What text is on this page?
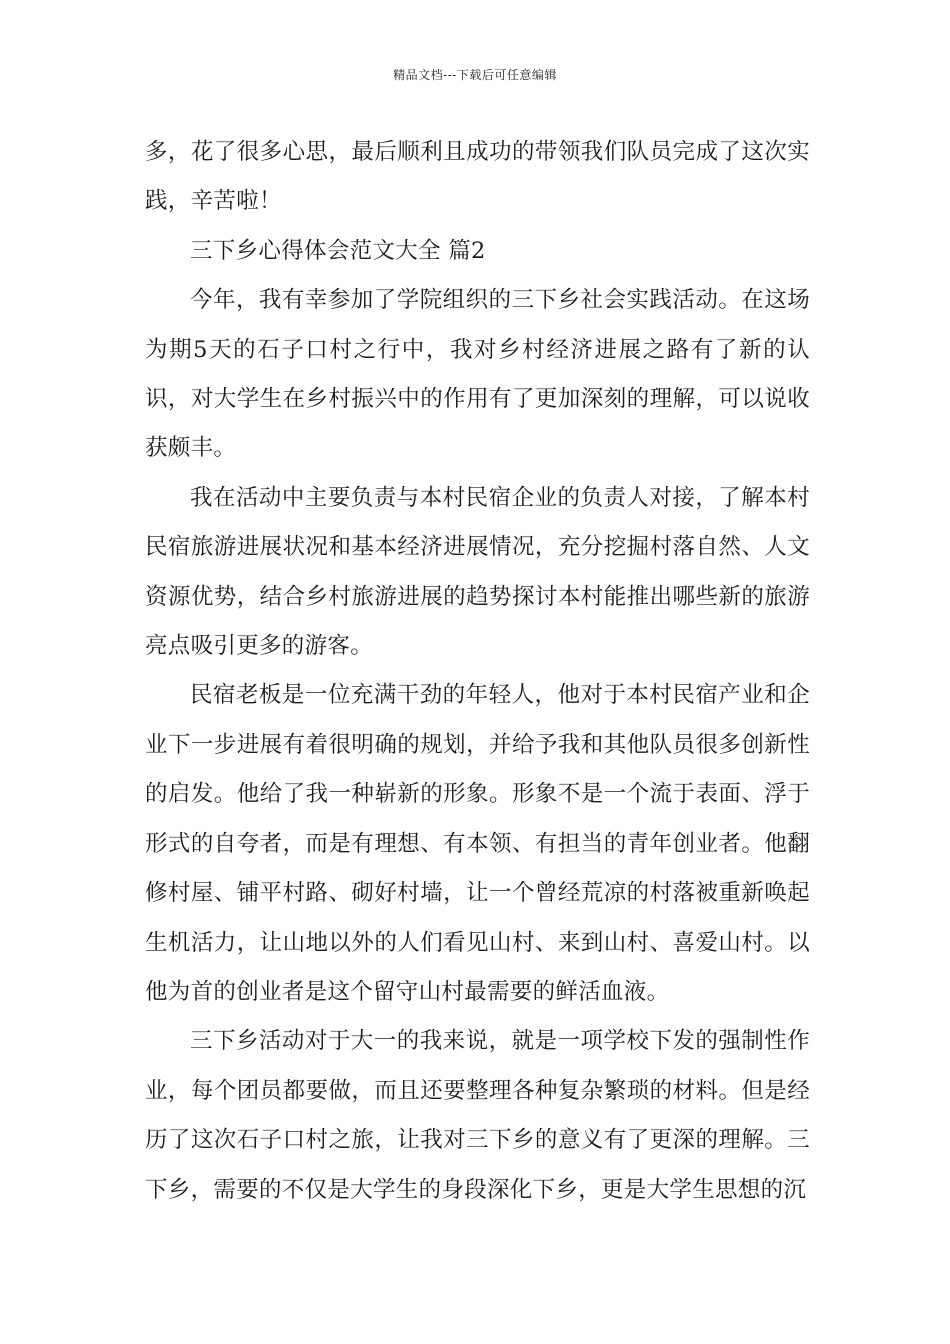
精品文档---下载后可任意编辑

多，花了很多心思，最后顺利且成功的带领我们队员完成了这次实践，辛苦啦！

三下乡心得体会范文大全 篇2

今年，我有幸参加了学院组织的三下乡社会实践活动。在这场为期5天的石子口村之行中，我对乡村经济进展之路有了新的认识，对大学生在乡村振兴中的作用有了更加深刻的理解，可以说收获颇丰。

我在活动中主要负责与本村民宿企业的负责人对接，了解本村民宿旅游进展状况和基本经济进展情况，充分挖掘村落自然、人文资源优势，结合乡村旅游进展的趋势探讨本村能推出哪些新的旅游亮点吸引更多的游客。

民宿老板是一位充满干劲的年轻人，他对于本村民宿产业和企业下一步进展有着很明确的规划，并给予我和其他队员很多创新性的启发。他给了我一种崭新的形象。形象不是一个流于表面、浮于形式的自夸者，而是有理想、有本领、有担当的青年创业者。他翻修村屋、铺平村路、砌好村墙，让一个曾经荒凉的村落被重新唤起生机活力，让山地以外的人们看见山村、来到山村、喜爱山村。以他为首的创业者是这个留守山村最需要的鲜活血液。

三下乡活动对于大一的我来说，就是一项学校下发的强制性作业，每个团员都要做，而且还要整理各种复杂繁琐的材料。但是经历了这次石子口村之旅，让我对三下乡的意义有了更深的理解。三下乡，需要的不仅是大学生的身段深化下乡，更是大学生思想的沉
